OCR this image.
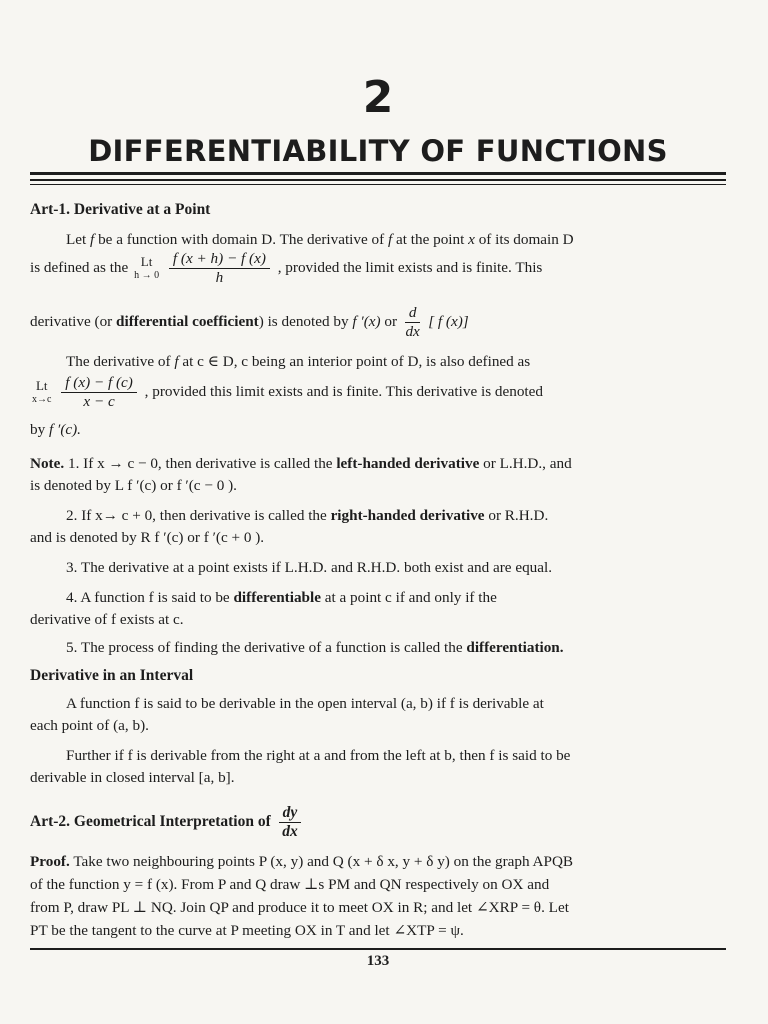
2
DIFFERENTIABILITY OF FUNCTIONS
Art-1. Derivative at a Point
Let f be a function with domain D. The derivative of f at the point x of its domain D
is defined as the Lt
h → 0
$\frac{f (x + h) - f (x)}{h}$ , provided the limit exists and is finite. This
derivative (or differential coefficient) is denoted by f ′(x) or $\frac{d}{dx}$ [ f (x)]
The derivative of f at c ∈ D, c being an interior point of D, is also defined as
Lt
x→c
$\frac{f (x) - f (c)}{x - c}$ , provided this limit exists and is finite. This derivative is denoted
by f ′(c).
Note. 1. If x → c − 0, then derivative is called the left-handed derivative or L.H.D., and
is denoted by L f ′(c) or f ′(c − 0 ).
2. If x→ c + 0, then derivative is called the right-handed derivative or R.H.D.
and is denoted by R f ′(c) or f ′(c + 0 ).
3. The derivative at a point exists if L.H.D. and R.H.D. both exist and are equal.
4. A function f is said to be differentiable at a point c if and only if the
derivative of f exists at c.
5. The process of finding the derivative of a function is called the differentiation.
Derivative in an Interval
A function f is said to be derivable in the open interval (a, b) if f is derivable at
each point of (a, b).
Further if f is derivable from the right at a and from the left at b, then f is said to be
derivable in closed interval [a, b].
Art-2. Geometrical Interpretation of $\frac{dy}{dx}$
Proof. Take two neighbouring points P (x, y) and Q (x + δ x, y + δ y) on the graph APQB
of the function y = f (x). From P and Q draw ⊥s PM and QN respectively on OX and
from P, draw PL ⊥ NQ. Join QP and produce it to meet OX in R; and let ∠XRP = θ. Let
PT be the tangent to the curve at P meeting OX in T and let ∠XTP = ψ.
133
